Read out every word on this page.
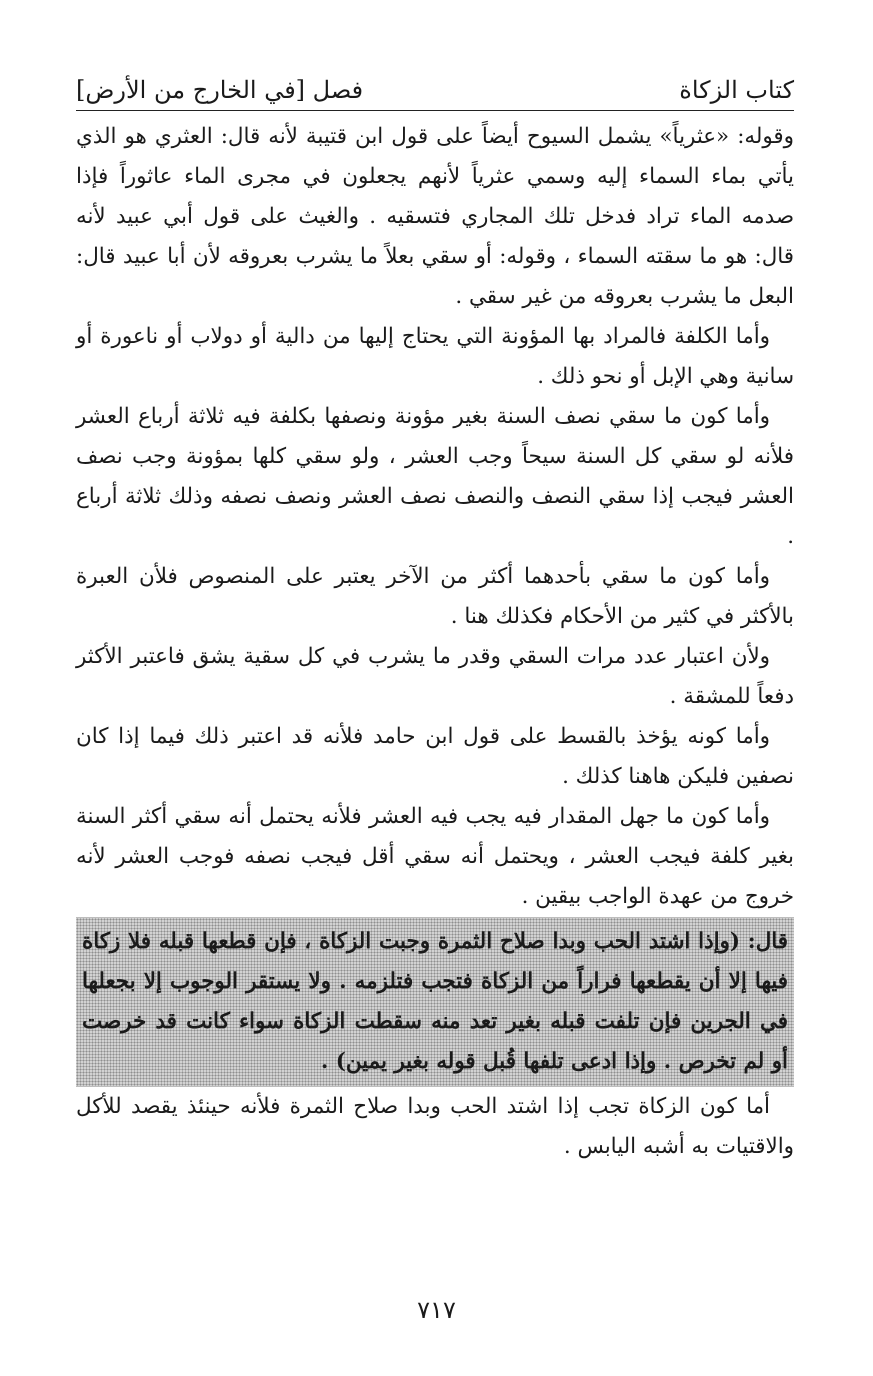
كتاب الزكاة
فصل [في الخارج من الأرض]

وقوله: «عثرياً» يشمل السيوح أيضاً على قول ابن قتيبة لأنه قال: العثري هو الذي يأتي بماء السماء إليه وسمي عثرياً لأنهم يجعلون في مجرى الماء عاثوراً فإذا صدمه الماء تراد فدخل تلك المجاري فتسقيه . والغيث على قول أبي عبيد لأنه قال: هو ما سقته السماء ، وقوله: أو سقي بعلاً ما يشرب بعروقه لأن أبا عبيد قال: البعل ما يشرب بعروقه من غير سقي .

وأما الكلفة فالمراد بها المؤونة التي يحتاج إليها من دالية أو دولاب أو ناعورة أو سانية وهي الإبل أو نحو ذلك .

وأما كون ما سقي نصف السنة بغير مؤونة ونصفها بكلفة فيه ثلاثة أرباع العشر فلأنه لو سقي كل السنة سيحاً وجب العشر ، ولو سقي كلها بمؤونة وجب نصف العشر فيجب إذا سقي النصف والنصف نصف العشر ونصف نصفه وذلك ثلاثة أرباع .

وأما كون ما سقي بأحدهما أكثر من الآخر يعتبر على المنصوص فلأن العبرة بالأكثر في كثير من الأحكام فكذلك هنا .

ولأن اعتبار عدد مرات السقي وقدر ما يشرب في كل سقية يشق فاعتبر الأكثر دفعاً للمشقة .

وأما كونه يؤخذ بالقسط على قول ابن حامد فلأنه قد اعتبر ذلك فيما إذا كان نصفين فليكن هاهنا كذلك .

وأما كون ما جهل المقدار فيه يجب فيه العشر فلأنه يحتمل أنه سقي أكثر السنة بغير كلفة فيجب العشر ، ويحتمل أنه سقي أقل فيجب نصفه فوجب العشر لأنه خروج من عهدة الواجب بيقين .

قال: (وإذا اشتد الحب وبدا صلاح الثمرة وجبت الزكاة ، فإن قطعها قبله فلا زكاة فيها إلا أن يقطعها فراراً من الزكاة فتجب فتلزمه . ولا يستقر الوجوب إلا بجعلها في الجرين فإن تلفت قبله بغير تعد منه سقطت الزكاة سواء كانت قد خرصت أو لم تخرص . وإذا ادعى تلفها قُبل قوله بغير يمين) .

أما كون الزكاة تجب إذا اشتد الحب وبدا صلاح الثمرة فلأنه حينئذ يقصد للأكل والاقتيات به أشبه اليابس .

٧١٧
